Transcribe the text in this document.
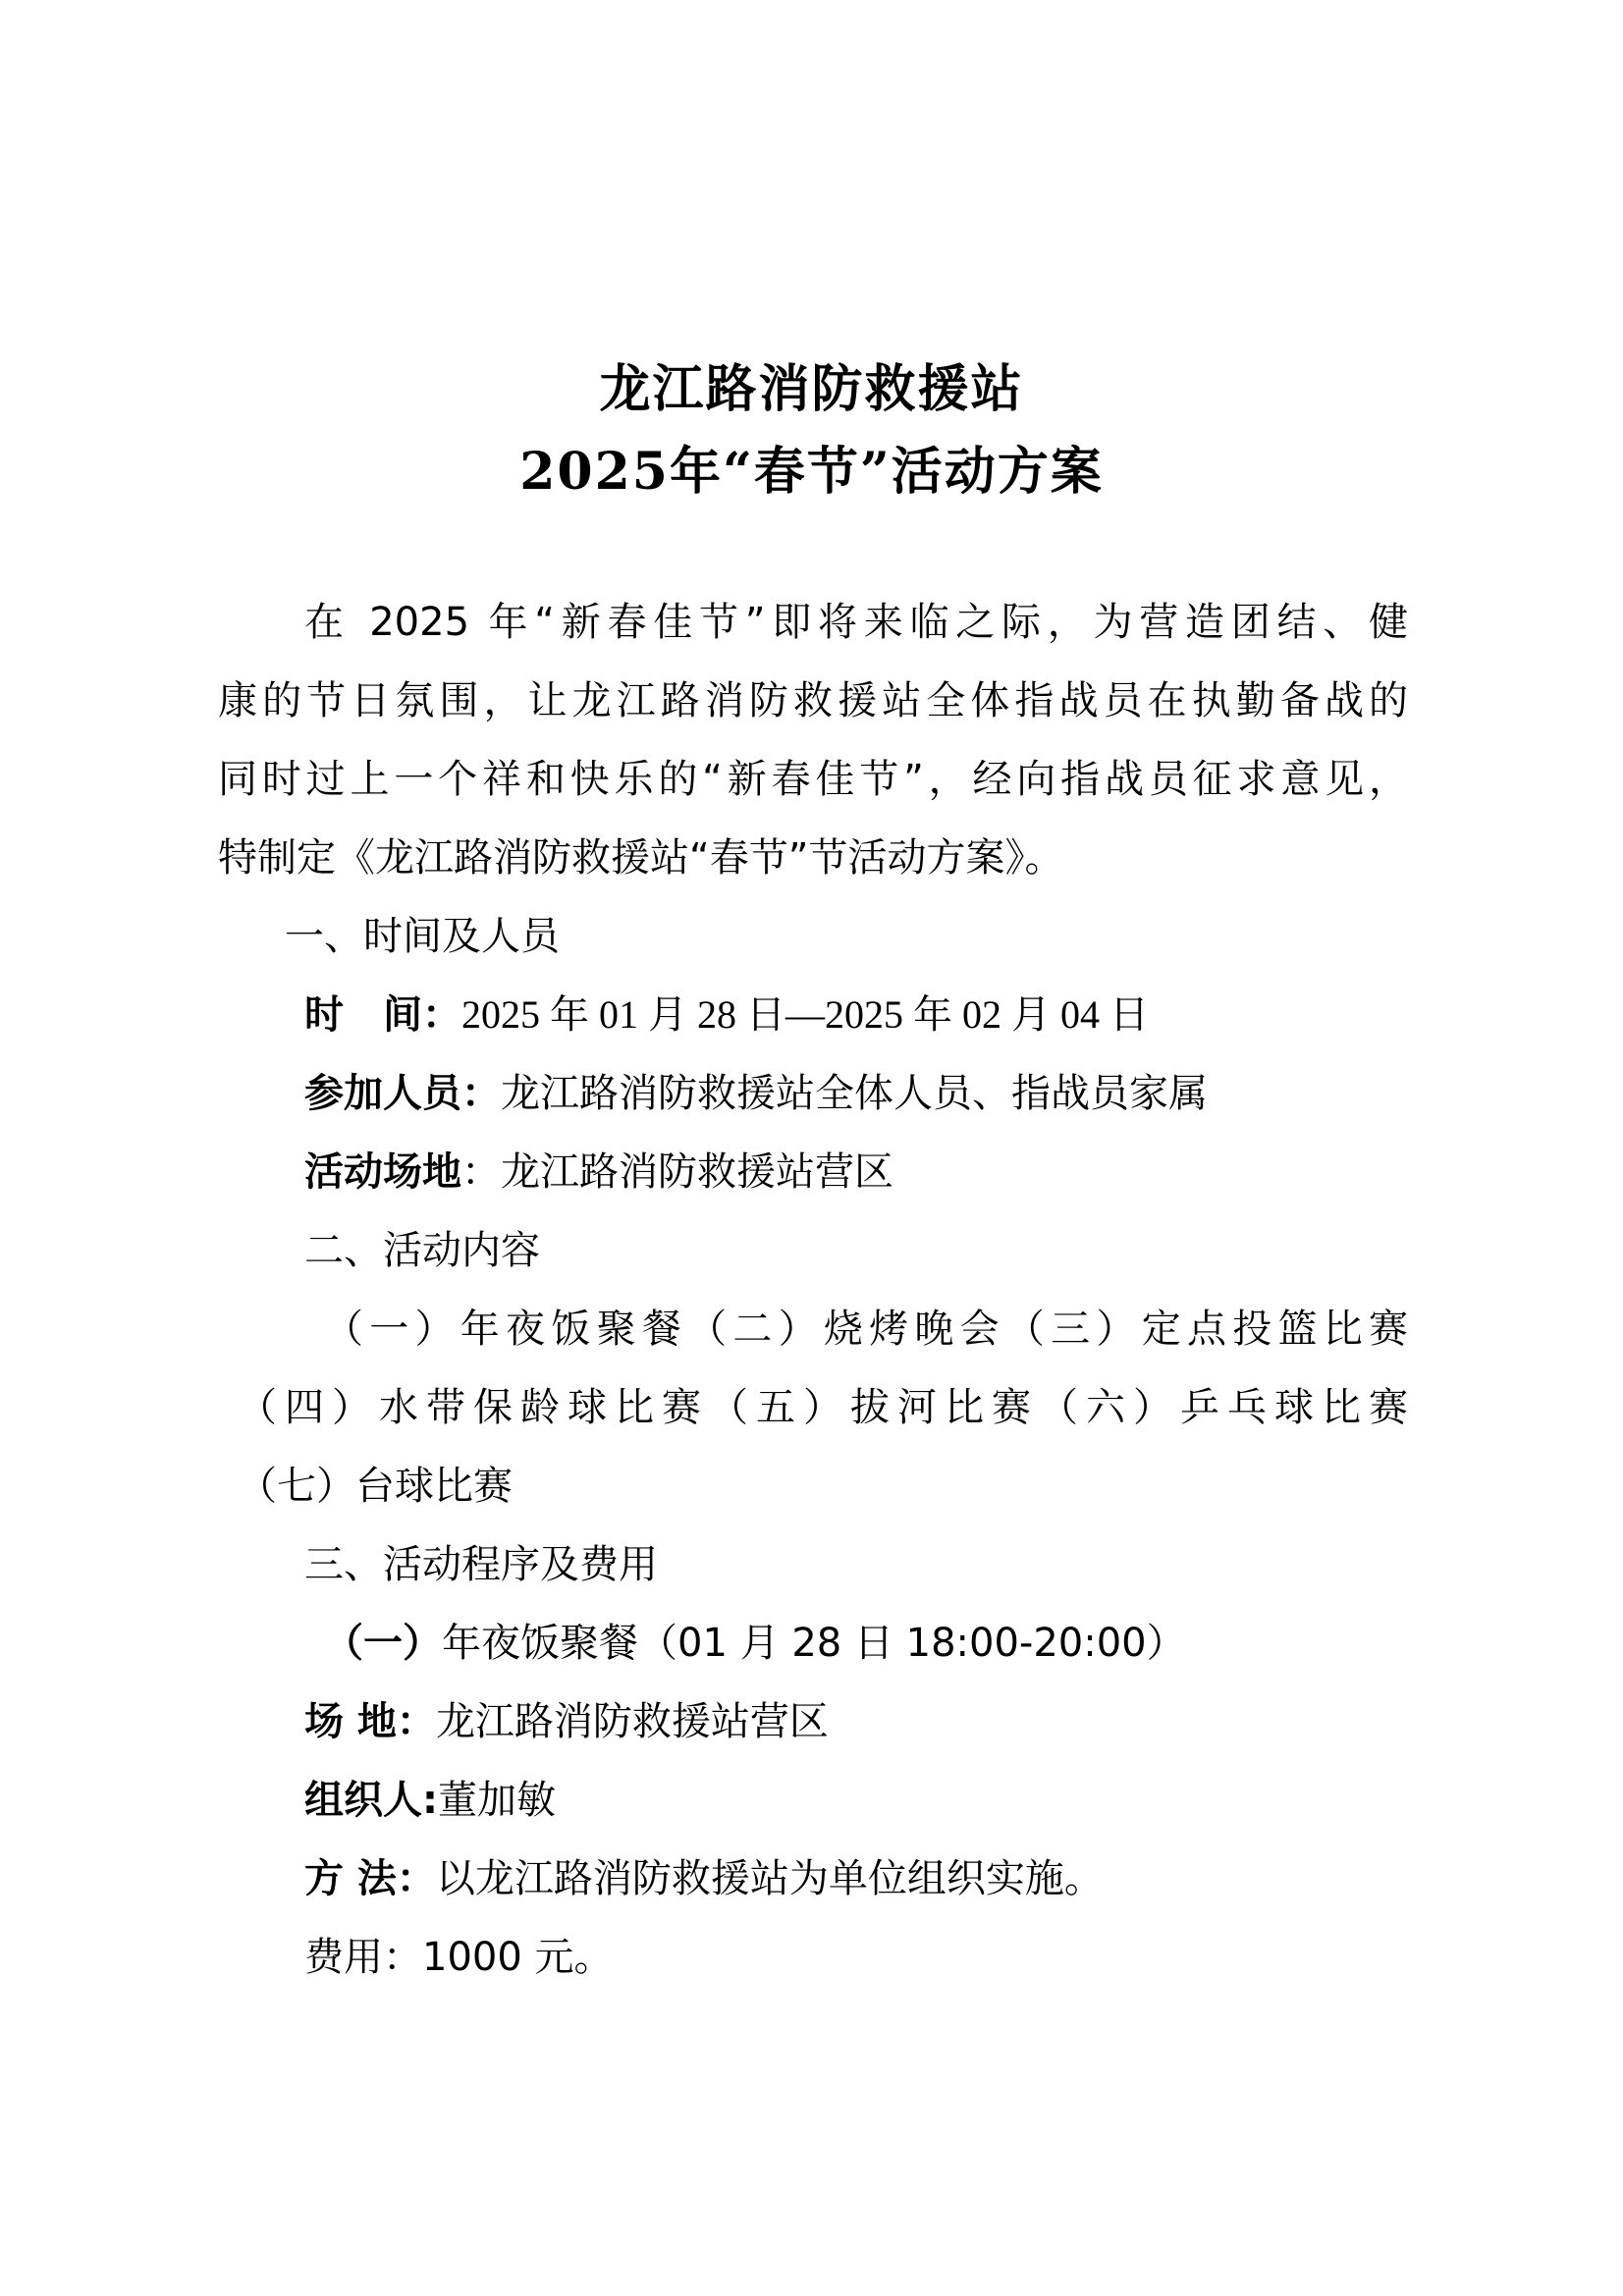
龙江路消防救援站
2025年“春节”活动方案
在 2025 年“新春佳节”即将来临之际，为营造团结、健
康的节日氛围，让龙江路消防救援站全体指战员在执勤备战的
同时过上一个祥和快乐的“新春佳节”，经向指战员征求意见，
特制定《龙江路消防救援站“春节”节活动方案》。
一、时间及人员
时　间：2025 年 01 月 28 日—2025 年 02 月 04 日
参加人员：龙江路消防救援站全体人员、指战员家属
活动场地：龙江路消防救援站营区
二、活动内容
（一）年夜饭聚餐（二）烧烤晚会（三）定点投篮比赛
（四）水带保龄球比赛（五）拔河比赛（六）乒乓球比赛
（七）台球比赛
三、活动程序及费用
（一）年夜饭聚餐（01 月 28 日 18:00-20:00）
场 地：龙江路消防救援站营区
组织人:董加敏
方 法：以龙江路消防救援站为单位组织实施。
费用：1000 元。
